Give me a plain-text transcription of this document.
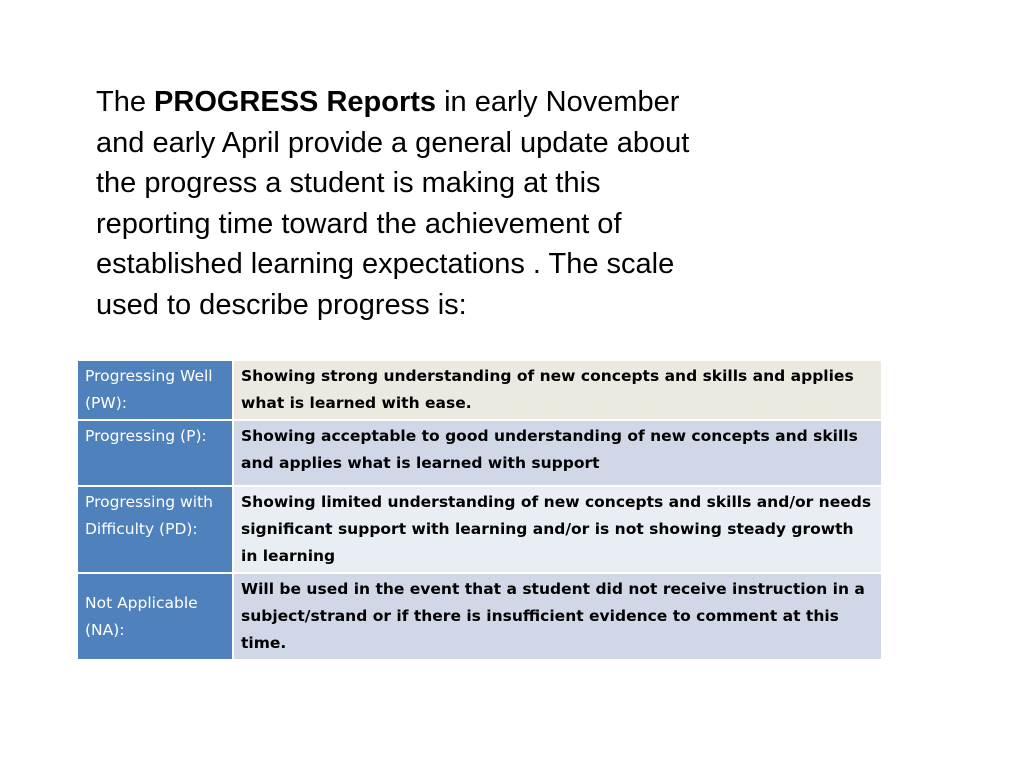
The PROGRESS Reports in early November
and early April provide a general update about
the progress a student is making at this
reporting time toward the achievement of
established learning expectations . The scale
used to describe progress is:

Progressing Well (PW):	Showing strong understanding of new concepts and skills and applies what is learned with ease.
Progressing (P):	Showing acceptable to good understanding of new concepts and skills and applies what is learned with support
Progressing with Difficulty (PD):	Showing limited understanding of new concepts and skills and/or needs significant support with learning and/or is not showing steady growth in learning
Not Applicable (NA):	Will be used in the event that a student did not receive instruction in a subject/strand or if there is insufficient evidence to comment at this time.
